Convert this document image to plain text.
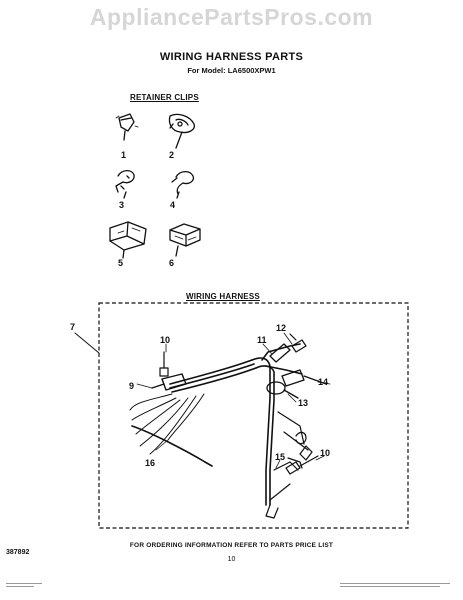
AppliancePartsPros.com
WIRING HARNESS PARTS
For Model: LA6500XPW1
RETAINER CLIPS
WIRING HARNESS
1	2
3	4
5	6
7
9
10	11
12
13
14
15
16
10
FOR ORDERING INFORMATION REFER TO PARTS PRICE LIST
387892
10
